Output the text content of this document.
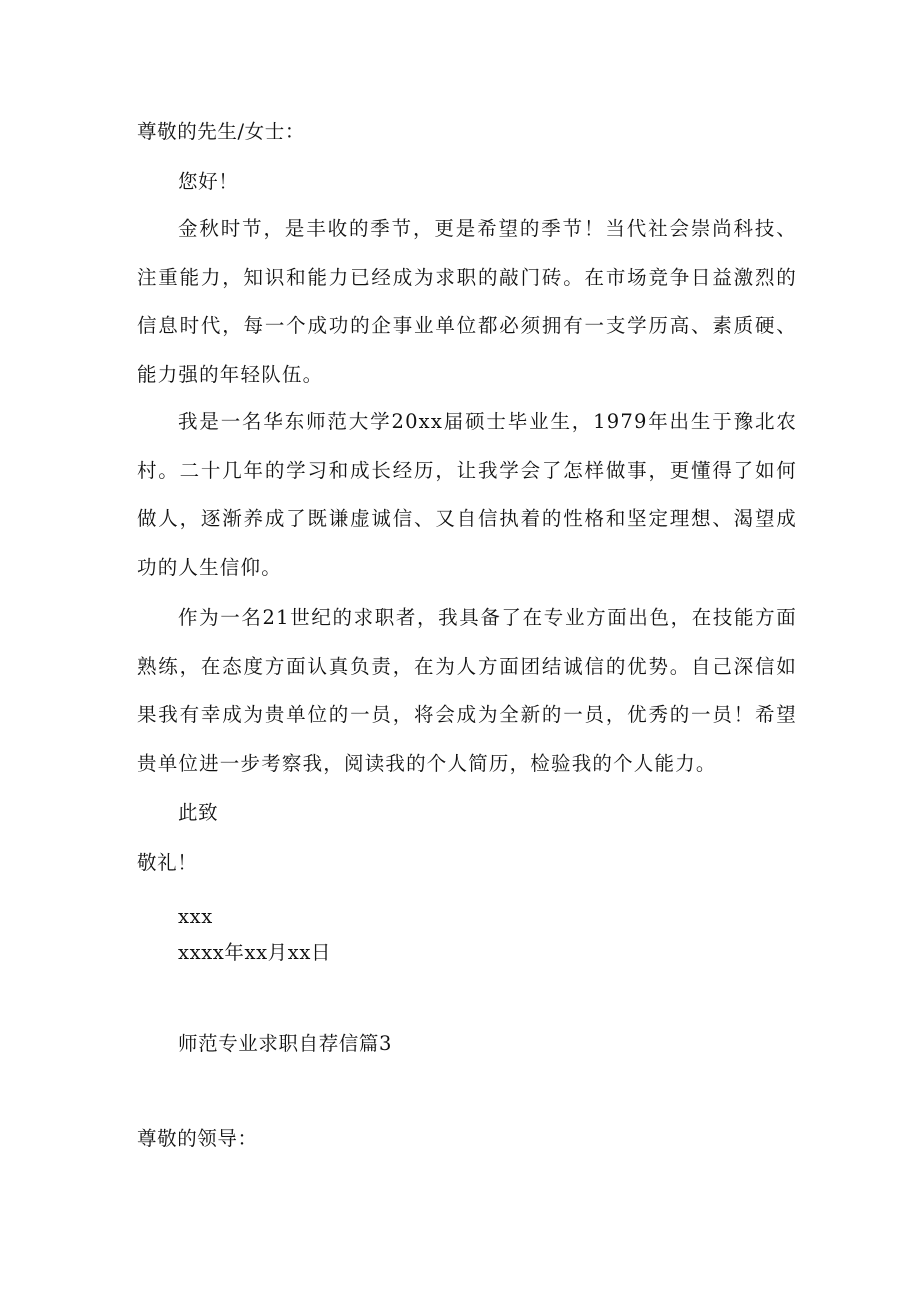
尊敬的先生/女士：
您好！
金秋时节，是丰收的季节，更是希望的季节！当代社会崇尚科技、注重能力，知识和能力已经成为求职的敲门砖。在市场竞争日益激烈的信息时代，每一个成功的企事业单位都必须拥有一支学历高、素质硬、能力强的年轻队伍。
我是一名华东师范大学20xx届硕士毕业生，1979年出生于豫北农村。二十几年的学习和成长经历，让我学会了怎样做事，更懂得了如何做人，逐渐养成了既谦虚诚信、又自信执着的性格和坚定理想、渴望成功的人生信仰。
作为一名21世纪的求职者，我具备了在专业方面出色，在技能方面熟练，在态度方面认真负责，在为人方面团结诚信的优势。自己深信如果我有幸成为贵单位的一员，将会成为全新的一员，优秀的一员！希望贵单位进一步考察我，阅读我的个人简历，检验我的个人能力。
此致
敬礼！
xxx
xxxx年xx月xx日
师范专业求职自荐信篇3
尊敬的领导：
